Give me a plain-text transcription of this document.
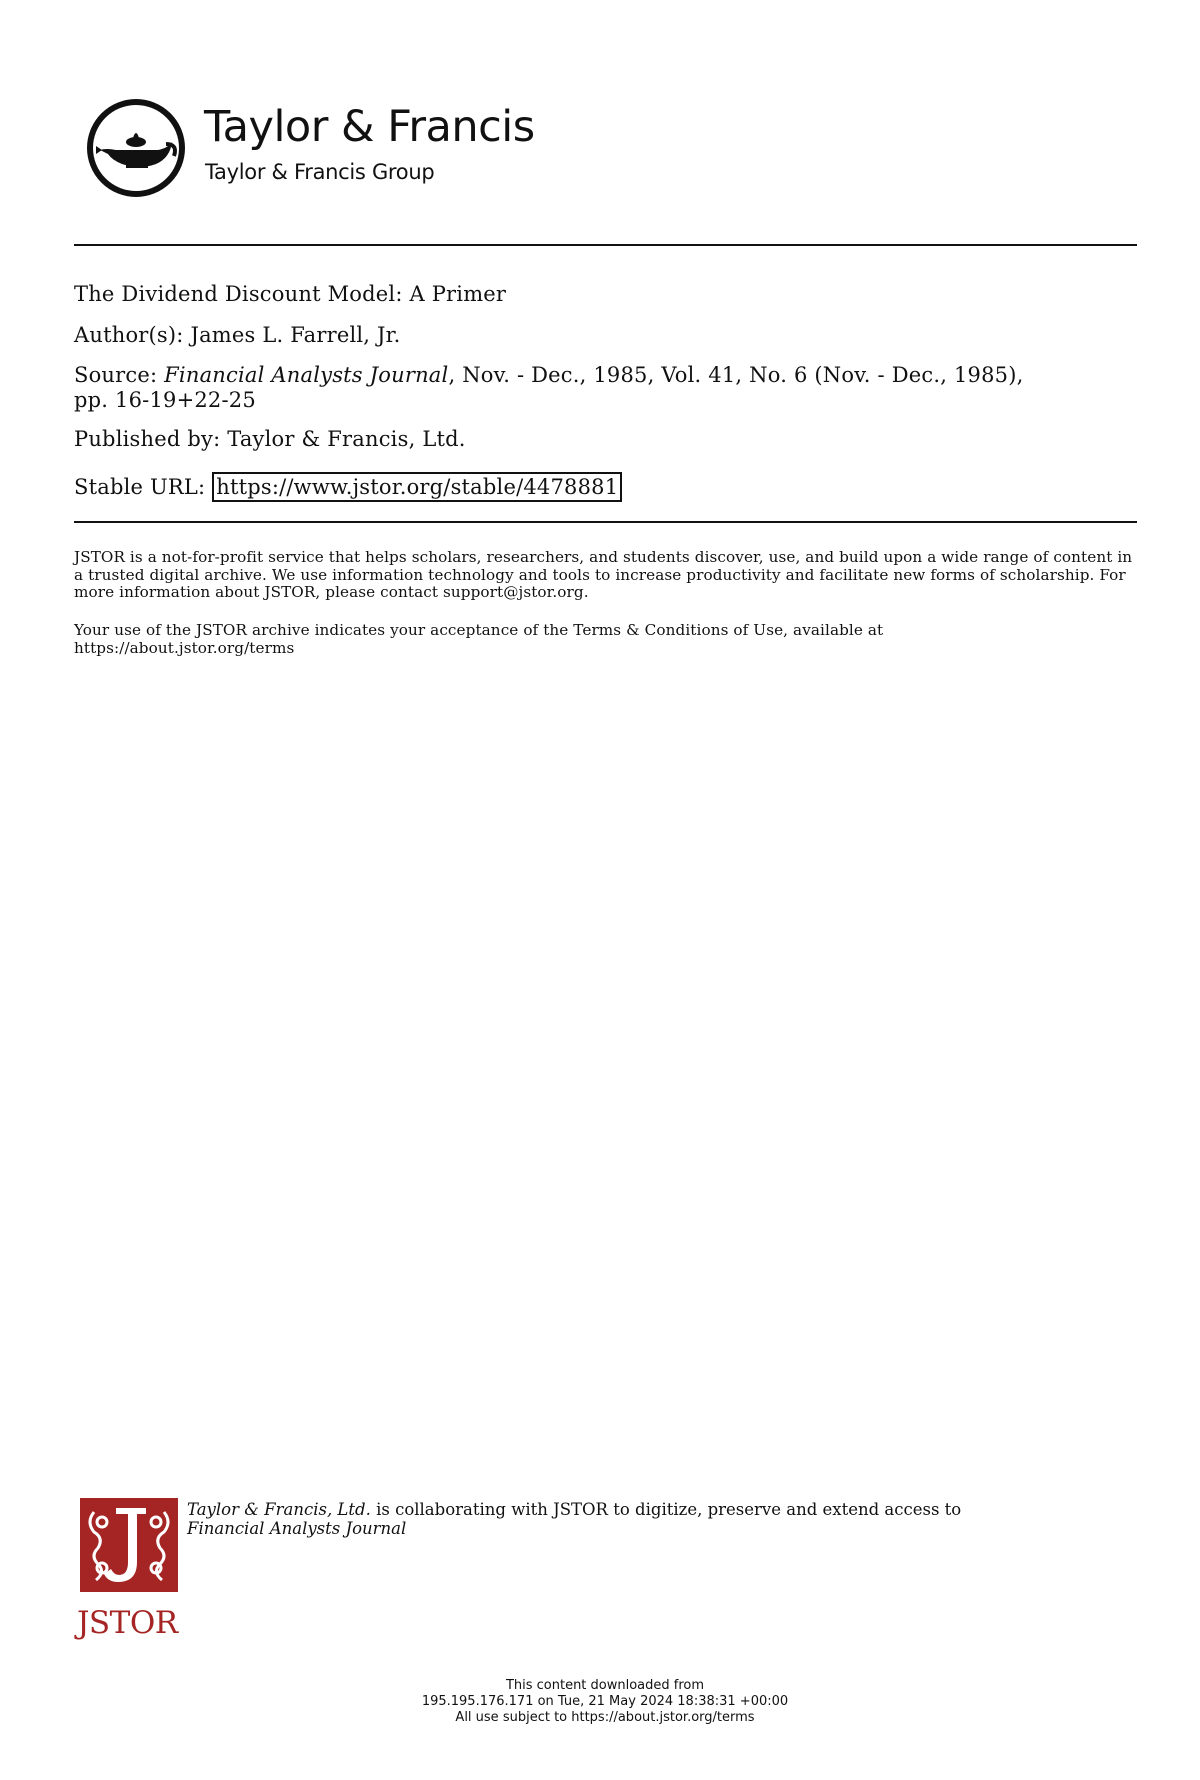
Taylor & Francis
Taylor & Francis Group
The Dividend Discount Model: A Primer
Author(s): James L. Farrell, Jr.
Source: Financial Analysts Journal, Nov. - Dec., 1985, Vol. 41, No. 6 (Nov. - Dec., 1985),
pp. 16-19+22-25
Published by: Taylor & Francis, Ltd.
Stable URL: https://www.jstor.org/stable/4478881
JSTOR is a not-for-profit service that helps scholars, researchers, and students discover, use, and build upon a wide range of content in a trusted digital archive. We use information technology and tools to increase productivity and facilitate new forms of scholarship. For more information about JSTOR, please contact support@jstor.org.
Your use of the JSTOR archive indicates your acceptance of the Terms & Conditions of Use, available at
https://about.jstor.org/terms
JSTOR
Taylor & Francis, Ltd. is collaborating with JSTOR to digitize, preserve and extend access to
Financial Analysts Journal
This content downloaded from
195.195.176.171 on Tue, 21 May 2024 18:38:31 +00:00
All use subject to https://about.jstor.org/terms
